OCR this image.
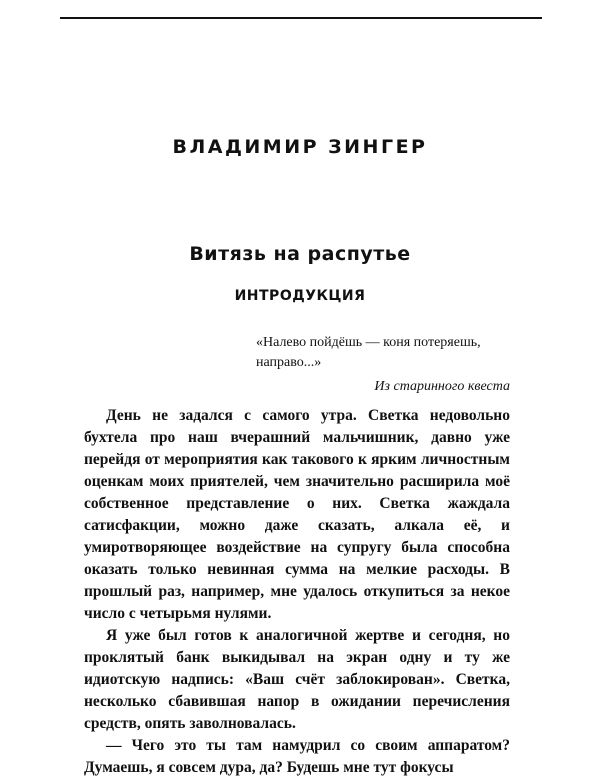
ВЛАДИМИР ЗИНГЕР
Витязь на распутье
ИНТРОДУКЦИЯ
«Налево пойдёшь — коня потеряешь, направо...»
Из старинного квеста

День не задался с самого утра. Светка недовольно бухтела про наш вчерашний мальчишник, давно уже перейдя от мероприятия как такового к ярким личностным оценкам моих приятелей, чем значительно расширила моё собственное представление о них. Светка жаждала сатисфакции, можно даже сказать, алкала её, и умиротворяющее воздействие на супругу была способна оказать только невинная сумма на мелкие расходы. В прошлый раз, например, мне удалось откупиться за некое число с четырьмя нулями.

Я уже был готов к аналогичной жертве и сегодня, но проклятый банк выкидывал на экран одну и ту же идиотскую надпись: «Ваш счёт заблокирован». Светка, несколько сбавившая напор в ожидании перечисления средств, опять заволновалась.

— Чего это ты там намудрил со своим аппаратом? Думаешь, я совсем дура, да? Будешь мне тут фокусы
